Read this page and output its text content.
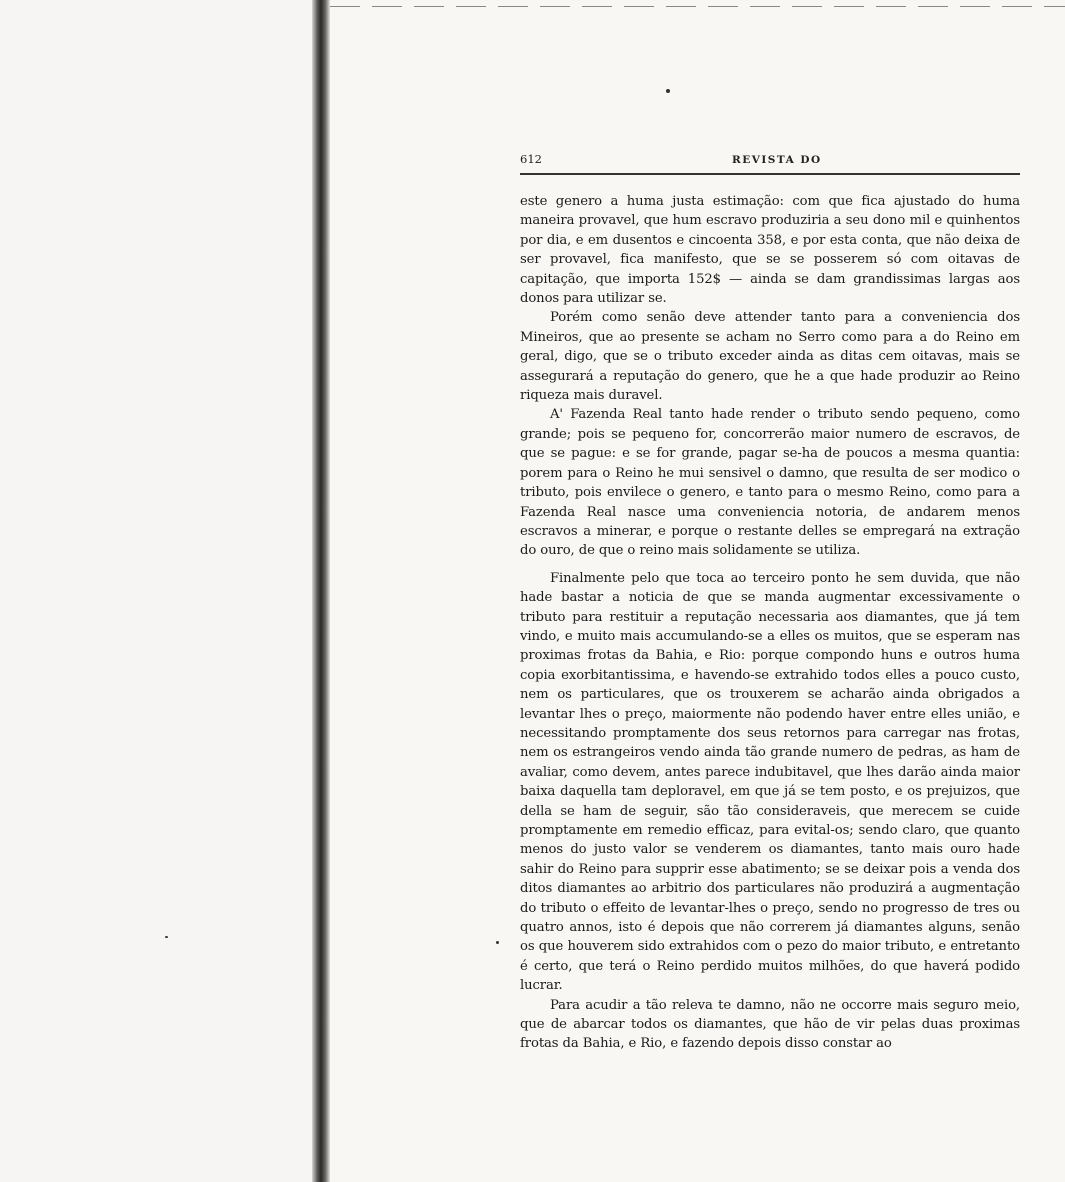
612	REVISTA DO

este genero a huma justa estimação: com que fica ajustado do huma maneira provavel, que hum escravo produziria a seu dono mil e quinhentos por dia, e em dusentos e cincoenta 358, e por esta conta, que não deixa de ser provavel, fica manifesto, que se se posserem só com oitavas de capitação, que importa 152$ — ainda se dam grandissimas largas aos donos para utilizar se.

Porém como senão deve attender tanto para a conveniencia dos Mineiros, que ao presente se acham no Serro como para a do Reino em geral, digo, que se o tributo exceder ainda as ditas cem oitavas, mais se assegurará a reputação do genero, que he a que hade produzir ao Reino riqueza mais duravel.

A' Fazenda Real tanto hade render o tributo sendo pequeno, como grande; pois se pequeno for, concorrerão maior numero de escravos, de que se pague: e se for grande, pagar se-ha de poucos a mesma quantia: porem para o Reino he mui sensivel o damno, que resulta de ser modico o tributo, pois envilece o genero, e tanto para o mesmo Reino, como para a Fazenda Real nasce uma conveniencia notoria, de andarem menos escravos a minerar, e porque o restante delles se empregará na extração do ouro, de que o reino mais solidamente se utiliza.

Finalmente pelo que toca ao terceiro ponto he sem duvida, que não hade bastar a noticia de que se manda augmentar excessivamente o tributo para restituir a reputação necessaria aos diamantes, que já tem vindo, e muito mais accumulando-se a elles os muitos, que se esperam nas proximas frotas da Bahia, e Rio: porque compondo huns e outros huma copia exorbitantissima, e havendo-se extrahido todos elles a pouco custo, nem os particulares, que os trouxerem se acharão ainda obrigados a levantar lhes o preço, maiormente não podendo haver entre elles união, e necessitando promptamente dos seus retornos para carregar nas frotas, nem os estrangeiros vendo ainda tão grande numero de pedras, as ham de avaliar, como devem, antes parece indubitavel, que lhes darão ainda maior baixa daquella tam deploravel, em que já se tem posto, e os prejuizos, que della se ham de seguir, são tão consideraveis, que merecem se cuide promptamente em remedio efficaz, para evital-os; sendo claro, que quanto menos do justo valor se venderem os diamantes, tanto mais ouro hade sahir do Reino para supprir esse abatimento; se se deixar pois a venda dos ditos diamantes ao arbitrio dos particulares não produzirá a augmentação do tributo o effeito de levantar-lhes o preço, sendo no progresso de tres ou quatro annos, isto é depois que não correrem já diamantes alguns, senão os que houverem sido extrahidos com o pezo do maior tributo, e entretanto é certo, que terá o Reino perdido muitos milhões, do que haverá podido lucrar.

Para acudir a tão releva te damno, não ne occorre mais seguro meio, que de abarcar todos os diamantes, que hão de vir pelas duas proximas frotas da Bahia, e Rio, e fazendo depois disso constar ao
